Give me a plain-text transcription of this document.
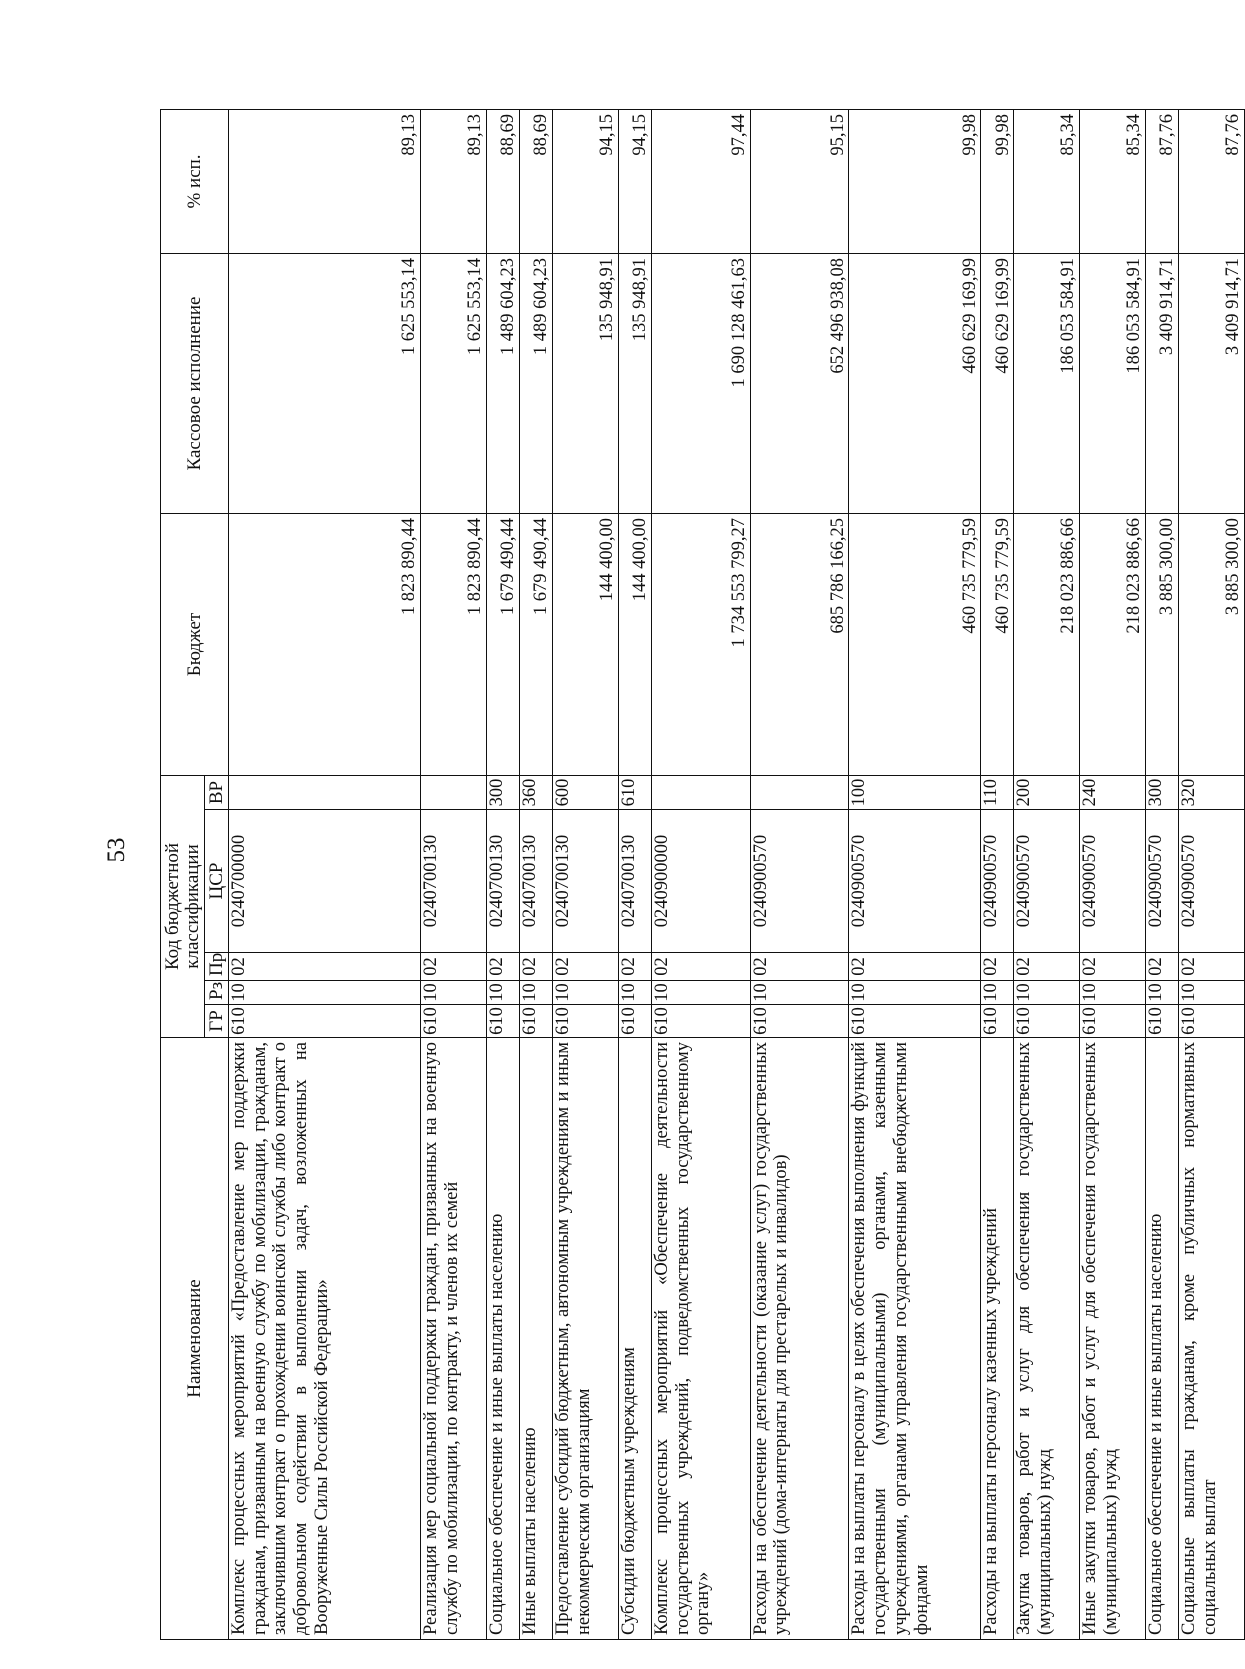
53
Наименование	Код бюджетной классификации					Бюджет	Кассовое исполнение	% исп.
	ГР	Рз	Пр	ЦСР	ВР			
Комплекс процессных мероприятий «Предоставление мер поддержки гражданам, призванным на военную службу по мобилизации, гражданам, заключившим контракт о прохождении воинской службы либо контракт о добровольном содействии в выполнении задач, возложенных на Вооруженные Силы Российской Федерации»	610	10	02	0240700000		1 823 890,44	1 625 553,14	89,13
Реализация мер социальной поддержки граждан, призванных на военную службу по мобилизации, по контракту, и членов их семей	610	10	02	0240700130		1 823 890,44	1 625 553,14	89,13
Социальное обеспечение и иные выплаты населению	610	10	02	0240700130	300	1 679 490,44	1 489 604,23	88,69
Иные выплаты населению	610	10	02	0240700130	360	1 679 490,44	1 489 604,23	88,69
Предоставление субсидий бюджетным, автономным учреждениям и иным некоммерческим организациям	610	10	02	0240700130	600	144 400,00	135 948,91	94,15
Субсидии бюджетным учреждениям	610	10	02	0240700130	610	144 400,00	135 948,91	94,15
Комплекс процессных мероприятий «Обеспечение деятельности государственных учреждений, подведомственных государственному органу»	610	10	02	0240900000		1 734 553 799,27	1 690 128 461,63	97,44
Расходы на обеспечение деятельности (оказание услуг) государственных учреждений (дома-интернаты для престарелых и инвалидов)	610	10	02	0240900570		685 786 166,25	652 496 938,08	95,15
Расходы на выплаты персоналу в целях обеспечения выполнения функций государственными (муниципальными) органами, казенными учреждениями, органами управления государственными внебюджетными фондами	610	10	02	0240900570	100	460 735 779,59	460 629 169,99	99,98
Расходы на выплаты персоналу казенных учреждений	610	10	02	0240900570	110	460 735 779,59	460 629 169,99	99,98
Закупка товаров, работ и услуг для обеспечения государственных (муниципальных) нужд	610	10	02	0240900570	200	218 023 886,66	186 053 584,91	85,34
Иные закупки товаров, работ и услуг для обеспечения государственных (муниципальных) нужд	610	10	02	0240900570	240	218 023 886,66	186 053 584,91	85,34
Социальное обеспечение и иные выплаты населению	610	10	02	0240900570	300	3 885 300,00	3 409 914,71	87,76
Социальные выплаты гражданам, кроме публичных нормативных социальных выплат	610	10	02	0240900570	320	3 885 300,00	3 409 914,71	87,76
